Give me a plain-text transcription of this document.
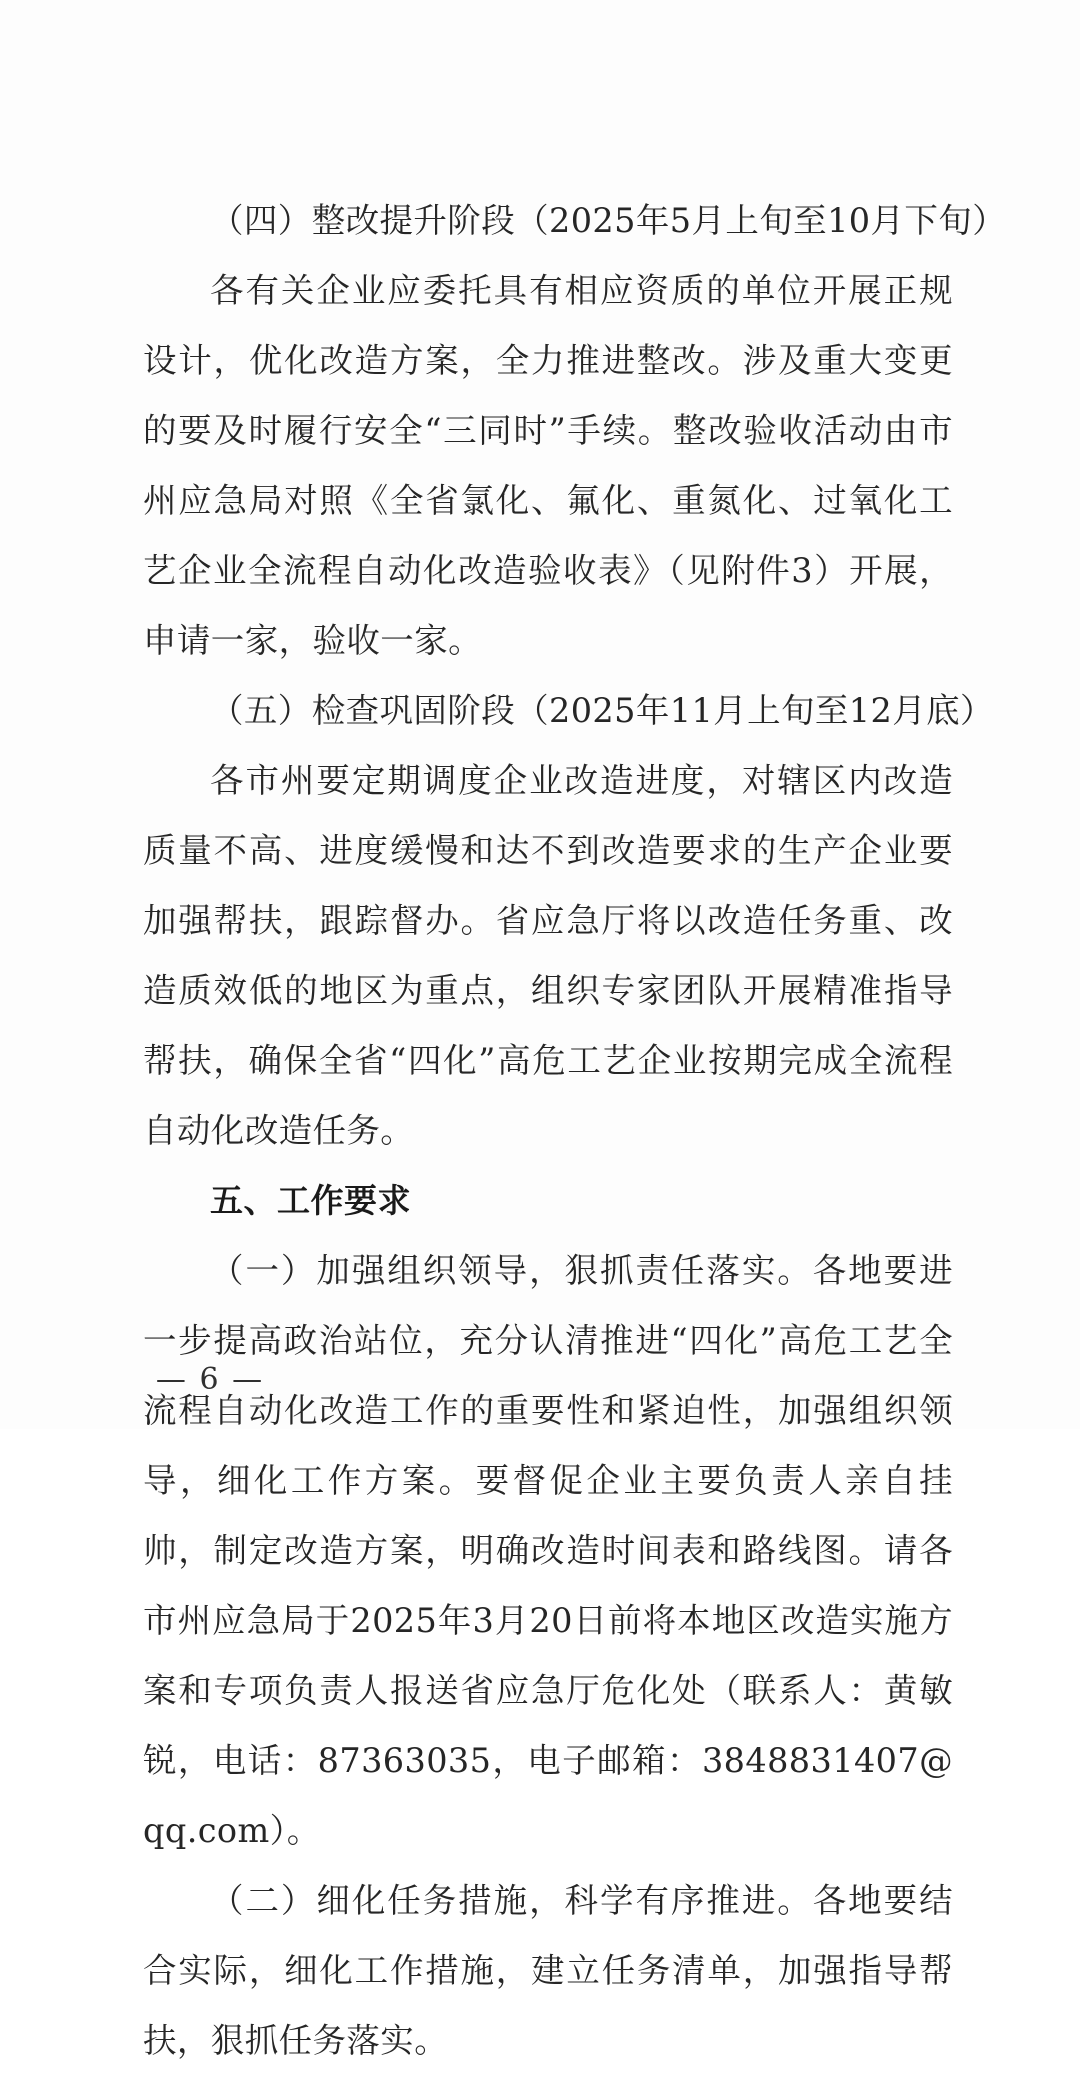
（四）整改提升阶段（2025年5月上旬至10月下旬）

各有关企业应委托具有相应资质的单位开展正规设计，优化改造方案，全力推进整改。涉及重大变更的要及时履行安全“三同时”手续。整改验收活动由市州应急局对照《全省氯化、氟化、重氮化、过氧化工艺企业全流程自动化改造验收表》（见附件3）开展，申请一家，验收一家。

（五）检查巩固阶段（2025年11月上旬至12月底）

各市州要定期调度企业改造进度，对辖区内改造质量不高、进度缓慢和达不到改造要求的生产企业要加强帮扶，跟踪督办。省应急厅将以改造任务重、改造质效低的地区为重点，组织专家团队开展精准指导帮扶，确保全省“四化”高危工艺企业按期完成全流程自动化改造任务。

五、工作要求

（一）加强组织领导，狠抓责任落实。各地要进一步提高政治站位，充分认清推进“四化”高危工艺全流程自动化改造工作的重要性和紧迫性，加强组织领导，细化工作方案。要督促企业主要负责人亲自挂帅，制定改造方案，明确改造时间表和路线图。请各市州应急局于2025年3月20日前将本地区改造实施方案和专项负责人报送省应急厅危化处（联系人：黄敏锐，电话：87363035，电子邮箱：3848831407@qq.com）。

（二）细化任务措施，科学有序推进。各地要结合实际，细化工作措施，建立任务清单，加强指导帮扶，狠抓任务落实。

— 6 —
